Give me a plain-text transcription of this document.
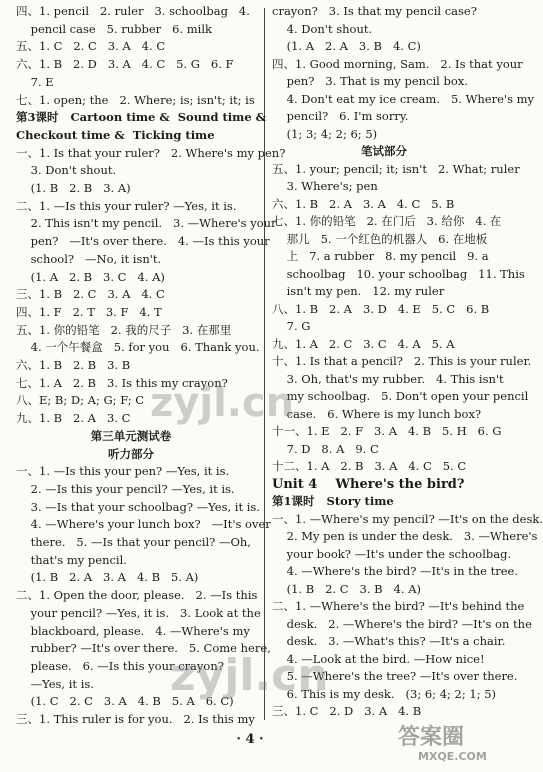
四、1. pencil   2. ruler   3. schoolbag   4.
pencil case   5. rubber   6. milk
五、1. C   2. C   3. A   4. C
六、1. B   2. D   3. A   4. C   5. G   6. F
7. E
七、1. open; the   2. Where; is; isn't; it; is
第3课时   Cartoon time &  Sound time &
Checkout time &  Ticking time
一、1. Is that your ruler?   2. Where's my pen?
3. Don't shout.
(1. B   2. B   3. A)
二、1. —Is this your ruler? —Yes, it is.
2. This isn't my pencil.   3. —Where's your
pen?   —It's over there.   4. —Is this your
school?   —No, it isn't.
(1. A   2. B   3. C   4. A)
三、1. B   2. C   3. A   4. C
四、1. F   2. T   3. F   4. T
五、1. 你的铅笔   2. 我的尺子   3. 在那里
4. 一个午餐盒   5. for you   6. Thank you.
六、1. B   2. B   3. B
七、1. A   2. B   3. Is this my crayon?
八、E; B; D; A; G; F; C
九、1. B   2. A   3. C
第三单元测试卷
听力部分
一、1. —Is this your pen? —Yes, it is.
2. —Is this your pencil? —Yes, it is.
3. —Is that your schoolbag? —Yes, it is.
4. —Where's your lunch box?   —It's over
there.   5. —Is that your pencil? —Oh,
that's my pencil.
(1. B   2. A   3. A   4. B   5. A)
二、1. Open the door, please.   2. —Is this
your pencil? —Yes, it is.   3. Look at the
blackboard, please.   4. —Where's my
rubber? —It's over there.   5. Come here,
please.   6. —Is this your crayon?
—Yes, it is.
(1. C   2. C   3. A   4. B   5. A   6. C)
三、1. This ruler is for you.   2. Is this my
crayon?   3. Is that my pencil case?
4. Don't shout.
(1. A   2. A   3. B   4. C)
四、1. Good morning, Sam.   2. Is that your
pen?   3. That is my pencil box.
4. Don't eat my ice cream.   5. Where's my
pencil?   6. I'm sorry.
(1; 3; 4; 2; 6; 5)
笔试部分
五、1. your; pencil; it; isn't   2. What; ruler
3. Where's; pen
六、1. B   2. A   3. A   4. C   5. B
七、1. 你的铅笔   2. 在门后   3. 给你   4. 在
那儿   5. 一个红色的机器人   6. 在地板
上   7. a rubber   8. my pencil   9. a
schoolbag   10. your schoolbag   11. This
isn't my pen.   12. my ruler
八、1. B   2. A   3. D   4. E   5. C   6. B
7. G
九、1. A   2. C   3. C   4. A   5. A
十、1. Is that a pencil?   2. This is your ruler.
3. Oh, that's my rubber.   4. This isn't
my schoolbag.   5. Don't open your pencil
case.   6. Where is my lunch box?
十一、1. E   2. F   3. A   4. B   5. H   6. G
7. D   8. A   9. C
十二、1. A   2. B   3. A   4. C   5. C
Unit 4    Where's the bird?
第1课时   Story time
一、1. —Where's my pencil? —It's on the desk.
2. My pen is under the desk.   3. —Where's
your book? —It's under the schoolbag.
4. —Where's the bird? —It's in the tree.
(1. B   2. C   3. B   4. A)
二、1. —Where's the bird? —It's behind the
desk.   2. —Where's the bird? —It's on the
desk.   3. —What's this? —It's a chair.
4. —Look at the bird. —How nice!
5. —Where's the tree? —It's over there.
6. This is my desk.   (3; 6; 4; 2; 1; 5)
三、1. C   2. D   3. A   4. B
· 4 ·
zyjl.cn
zyjl.cn
答案圈
MXQE.COM
